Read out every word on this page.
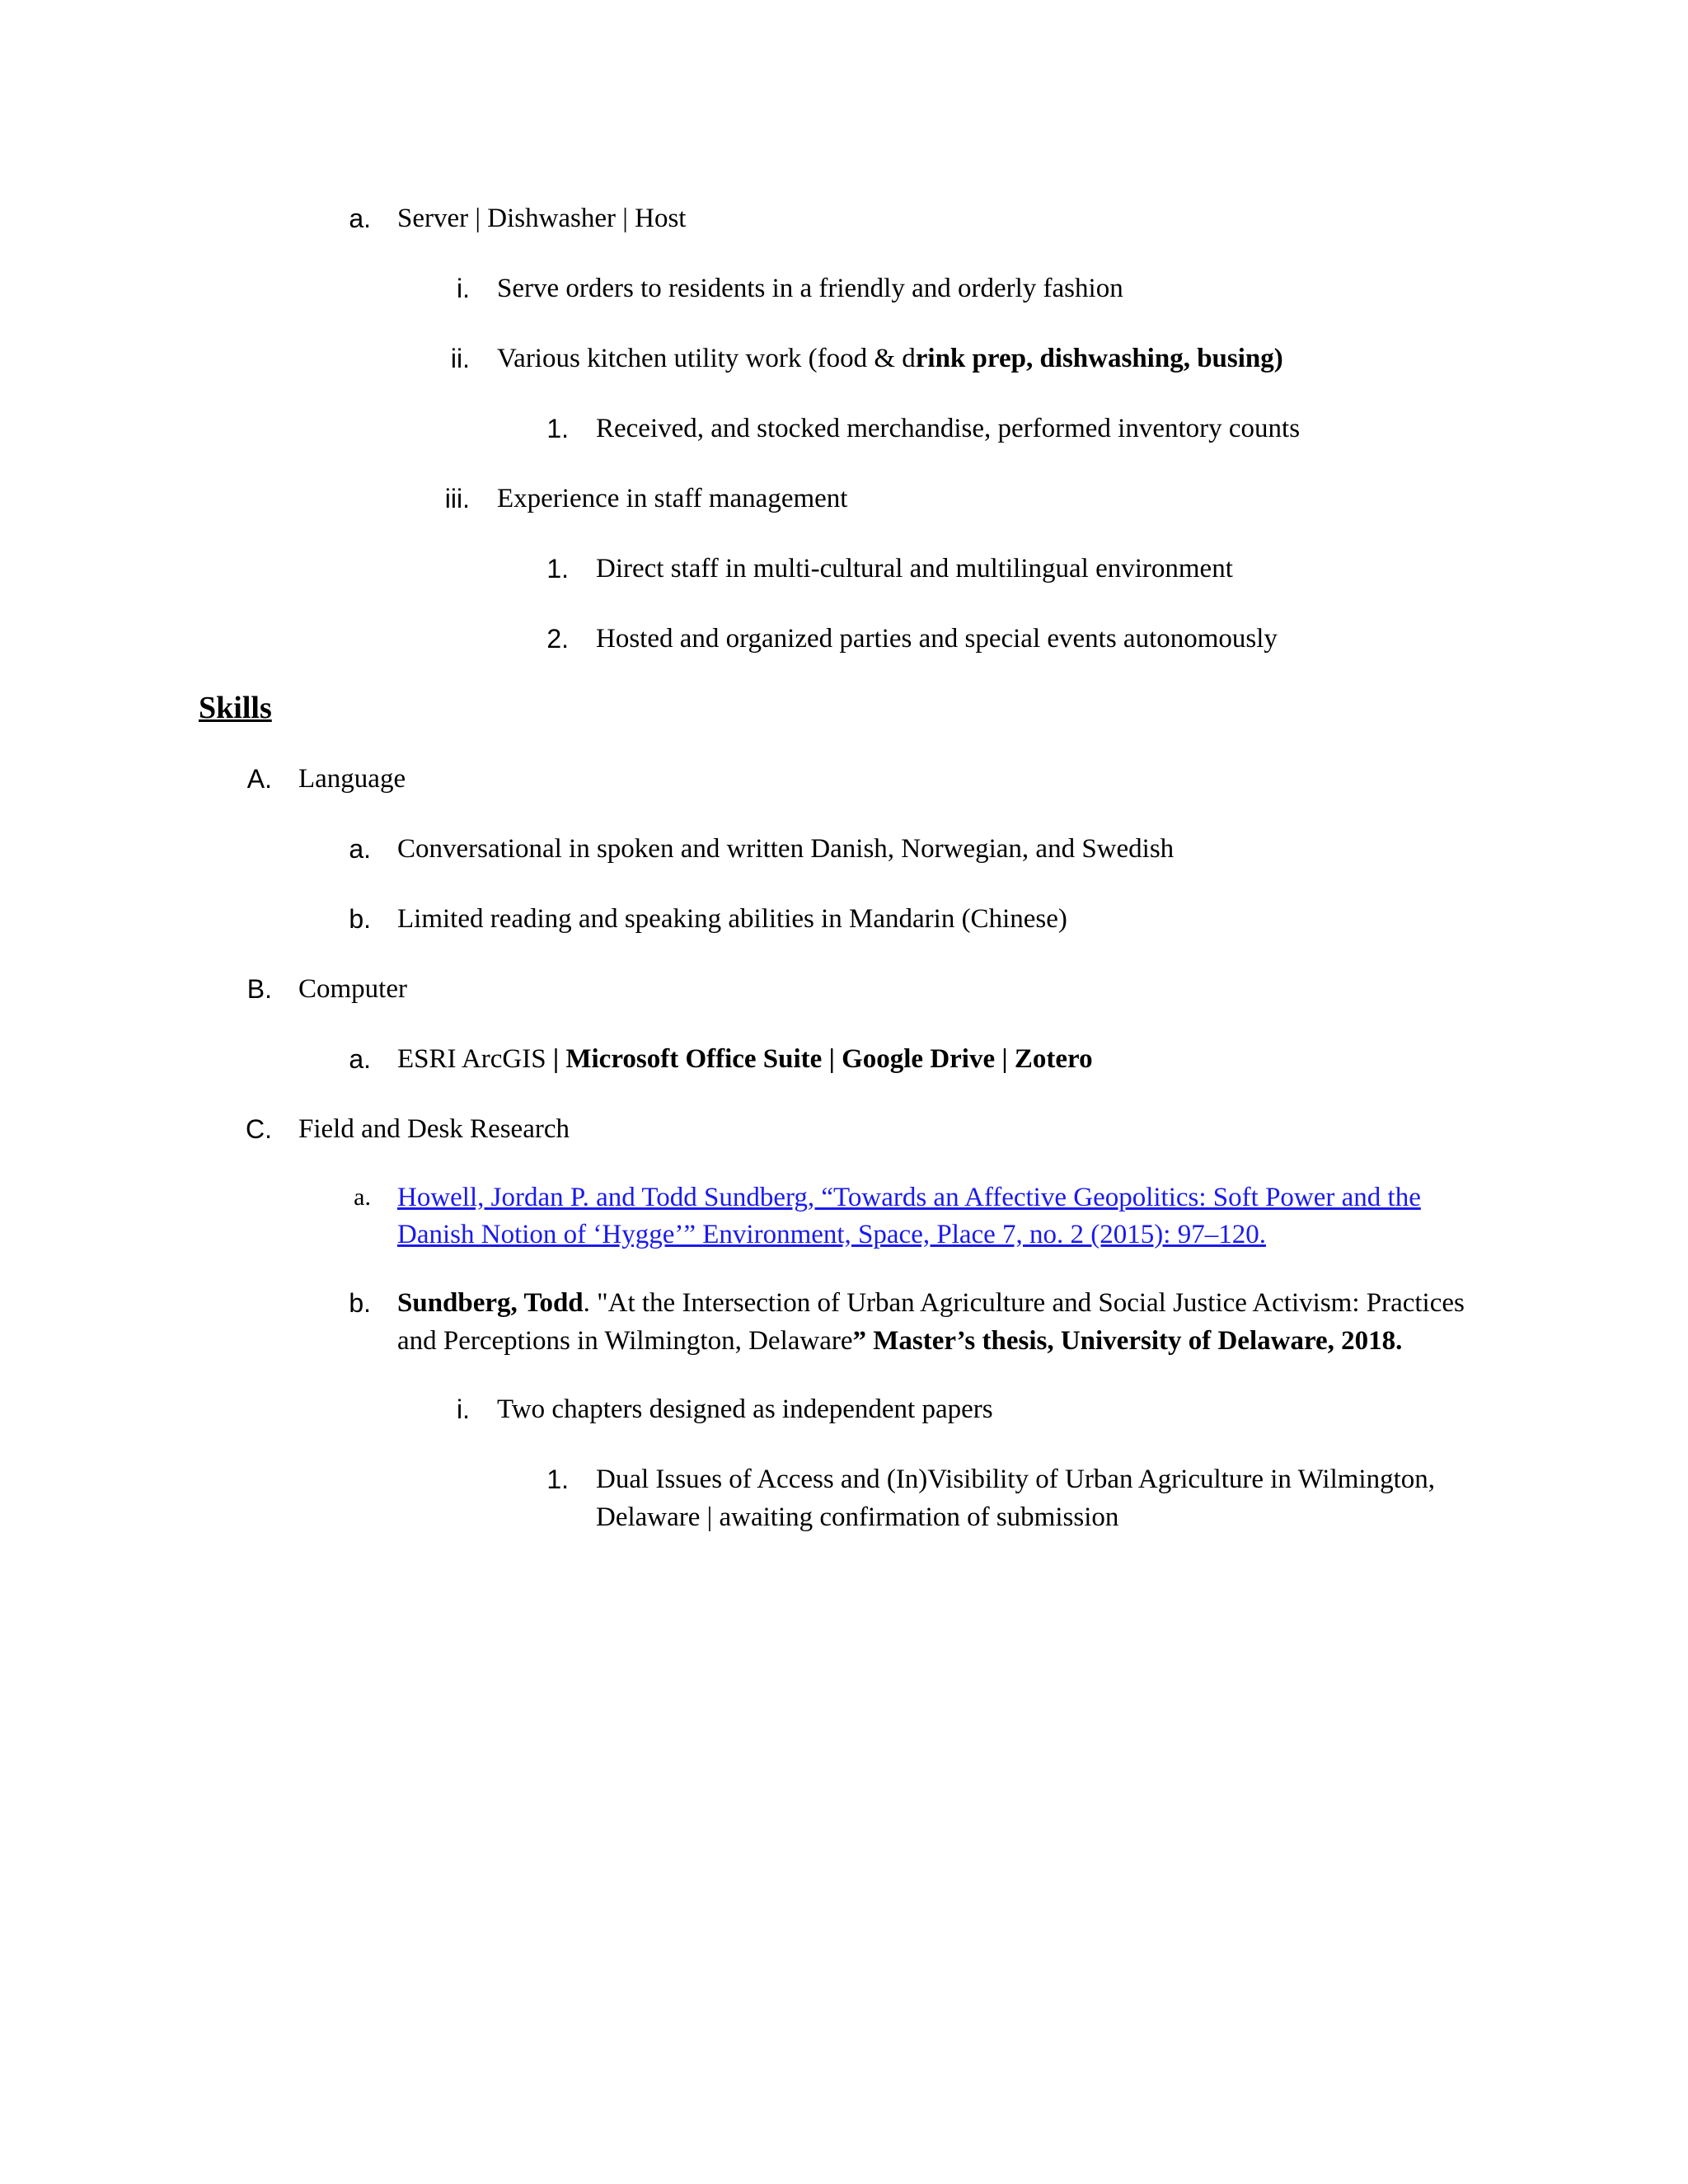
a. Server | Dishwasher | Host
i. Serve orders to residents in a friendly and orderly fashion
ii. Various kitchen utility work (food & drink prep, dishwashing, busing)
1. Received, and stocked merchandise, performed inventory counts
iii. Experience in staff management
1. Direct staff in multi-cultural and multilingual environment
2. Hosted and organized parties and special events autonomously
Skills
A. Language
a. Conversational in spoken and written Danish, Norwegian, and Swedish
b. Limited reading and speaking abilities in Mandarin (Chinese)
B. Computer
a. ESRI ArcGIS | Microsoft Office Suite | Google Drive | Zotero
C. Field and Desk Research
a. Howell, Jordan P. and Todd Sundberg, “Towards an Affective Geopolitics: Soft Power and the
Danish Notion of ‘Hygge’” Environment, Space, Place 7, no. 2 (2015): 97–120.
b. Sundberg, Todd. "At the Intersection of Urban Agriculture and Social Justice Activism: Practices
and Perceptions in Wilmington, Delaware” Master’s thesis, University of Delaware, 2018.
i. Two chapters designed as independent papers
1. Dual Issues of Access and (In)Visibility of Urban Agriculture in Wilmington,
Delaware | awaiting confirmation of submission
